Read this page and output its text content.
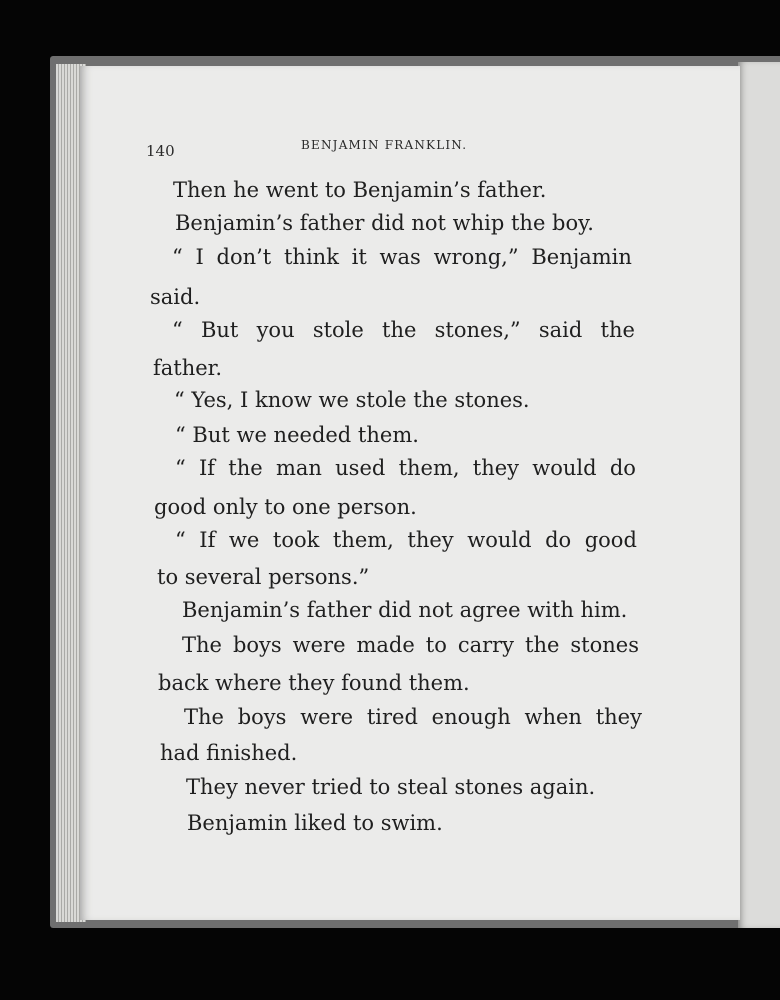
140	BENJAMIN FRANKLIN.
Then he went to Benjamin’s father.
Benjamin’s father did not whip the boy.
“ I don’t think it was wrong,” Benjamin
said.
“ But you stole the stones,” said the
father.
“ Yes, I know we stole the stones.
“ But we needed them.
“ If the man used them, they would do
good only to one person.
“ If we took them, they would do good
to several persons.”
Benjamin’s father did not agree with him.
The boys were made to carry the stones
back where they found them.
The boys were tired enough when they
had finished.
They never tried to steal stones again.
Benjamin liked to swim.
